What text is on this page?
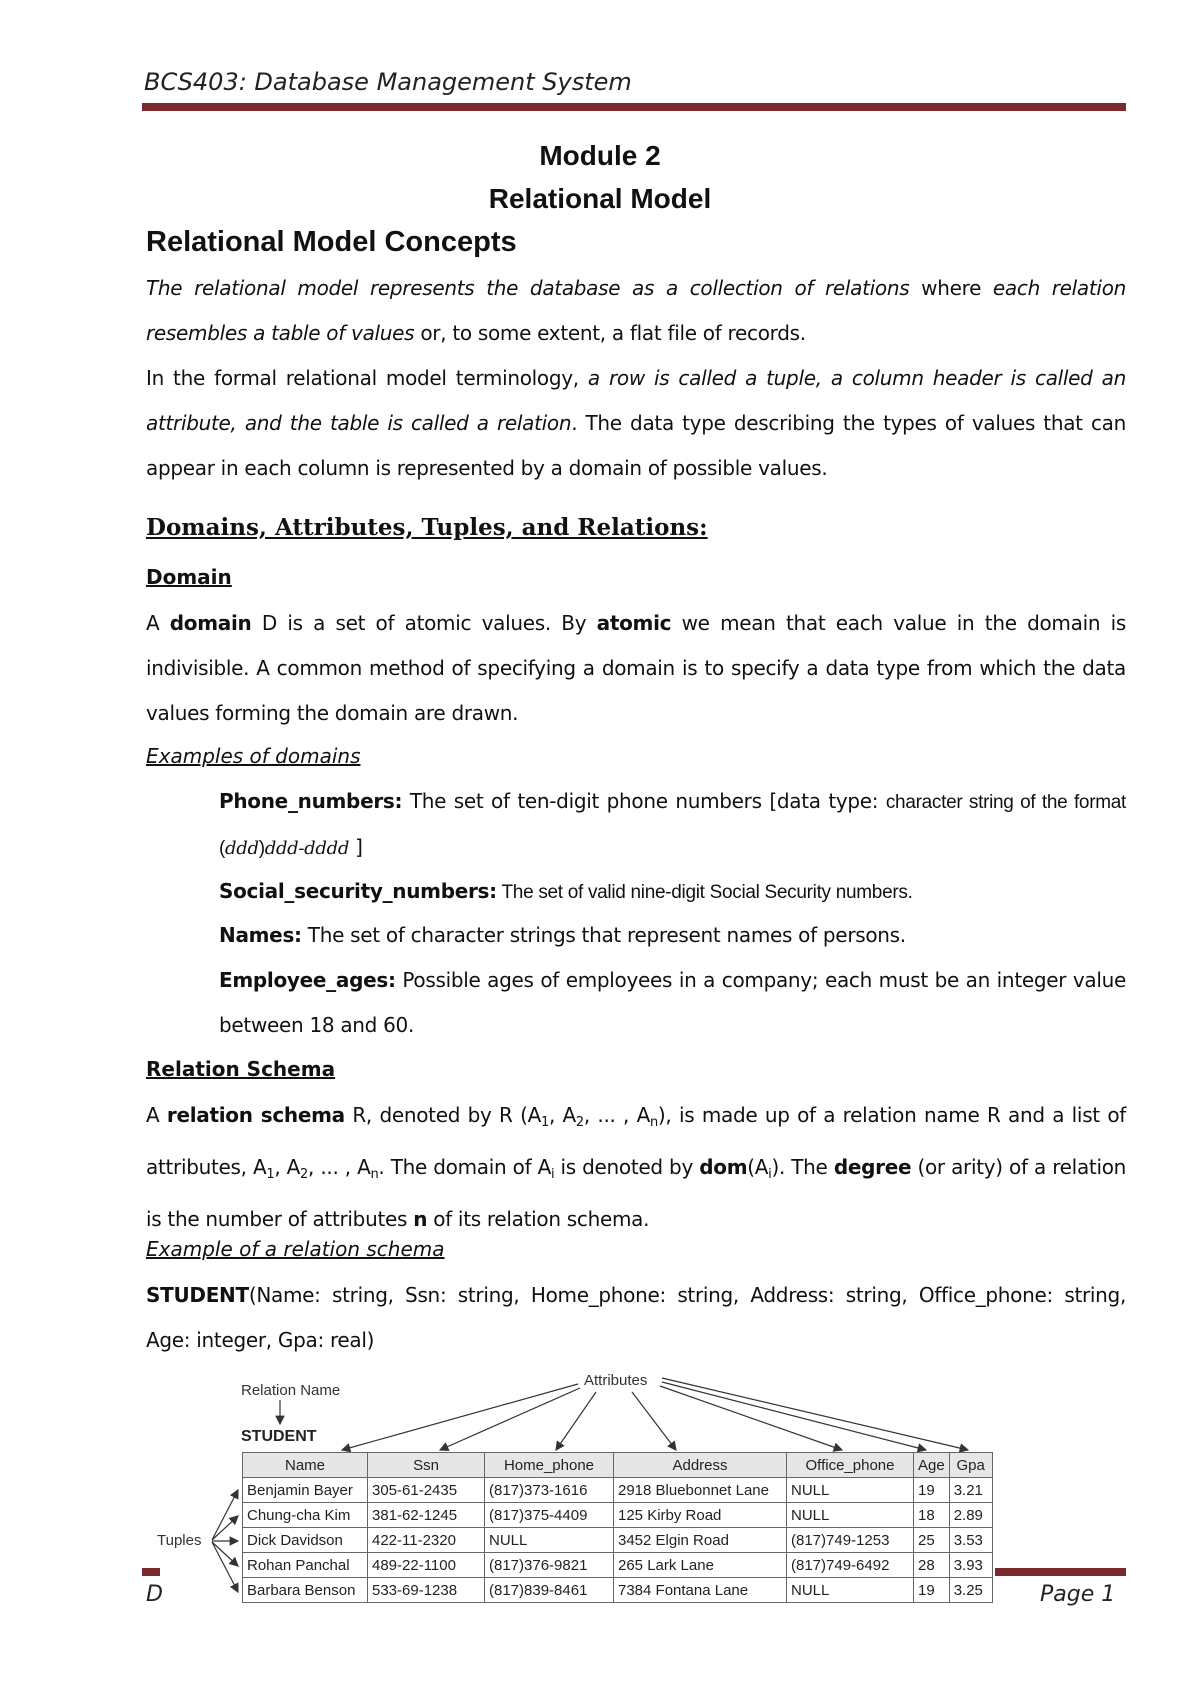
BCS403: Database Management System
Module 2
Relational Model
Relational Model Concepts
The relational model represents the database as a collection of relations where each relation resembles a table of values or, to some extent, a flat file of records.
In the formal relational model terminology, a row is called a tuple, a column header is called an attribute, and the table is called a relation. The data type describing the types of values that can appear in each column is represented by a domain of possible values.
Domains, Attributes, Tuples, and Relations:
Domain
A domain D is a set of atomic values. By atomic we mean that each value in the domain is indivisible. A common method of specifying a domain is to specify a data type from which the data values forming the domain are drawn.
Examples of domains
Phone_numbers: The set of ten-digit phone numbers [data type: character string of the format (ddd)ddd-dddd ]
Social_security_numbers: The set of valid nine-digit Social Security numbers.
Names: The set of character strings that represent names of persons.
Employee_ages: Possible ages of employees in a company; each must be an integer value between 18 and 60.
Relation Schema
A relation schema R, denoted by R ($A_1$, $A_2$, ... , $A_n$), is made up of a relation name R and a list of attributes, $A_1$, $A_2$, ... , $A_n$. The domain of $A_i$ is denoted by $dom(A_i)$. The degree (or arity) of a relation is the number of attributes n of its relation schema.
Example of a relation schema
STUDENT(Name: string, Ssn: string, Home_phone: string, Address: string, Office_phone: string, Age: integer, Gpa: real)
Relation Name
Attributes
Tuples
STUDENT
D	Page 1
Name	Ssn	Home_phone	Address	Office_phone	Age	Gpa
Benjamin Bayer	305-61-2435	(817)373-1616	2918 Bluebonnet Lane	NULL	19	3.21
Chung-cha Kim	381-62-1245	(817)375-4409	125 Kirby Road	NULL	18	2.89
Dick Davidson	422-11-2320	NULL	3452 Elgin Road	(817)749-1253	25	3.53
Rohan Panchal	489-22-1100	(817)376-9821	265 Lark Lane	(817)749-6492	28	3.93
Barbara Benson	533-69-1238	(817)839-8461	7384 Fontana Lane	NULL	19	3.25
